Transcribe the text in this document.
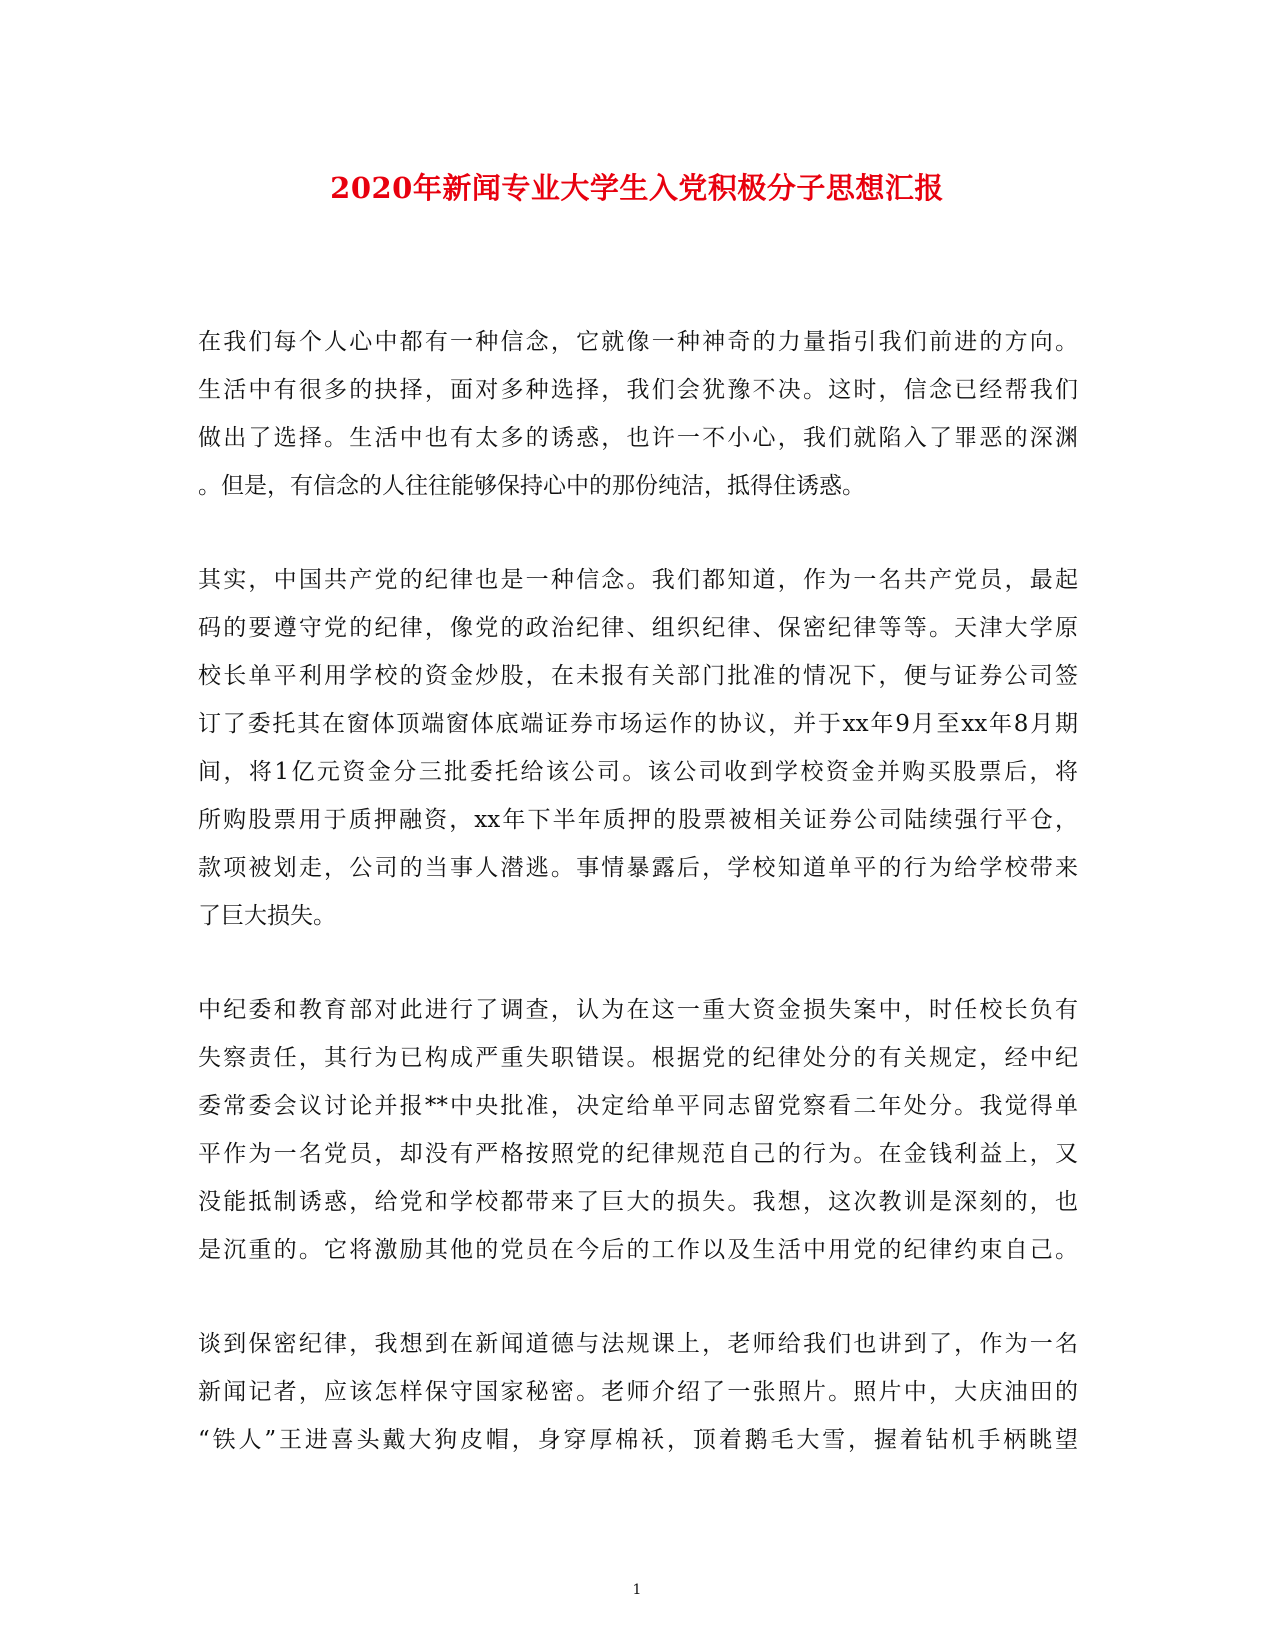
2020年新闻专业大学生入党积极分子思想汇报
在我们每个人心中都有一种信念，它就像一种神奇的力量指引我们前进的方向。
生活中有很多的抉择，面对多种选择，我们会犹豫不决。这时，信念已经帮我们
做出了选择。生活中也有太多的诱惑，也许一不小心，我们就陷入了罪恶的深渊
。但是，有信念的人往往能够保持心中的那份纯洁，抵得住诱惑。
其实，中国共产党的纪律也是一种信念。我们都知道，作为一名共产党员，最起
码的要遵守党的纪律，像党的政治纪律、组织纪律、保密纪律等等。天津大学原
校长单平利用学校的资金炒股，在未报有关部门批准的情况下，便与证券公司签
订了委托其在窗体顶端窗体底端证券市场运作的协议，并于xx年9月至xx年8月期
间，将1亿元资金分三批委托给该公司。该公司收到学校资金并购买股票后，将
所购股票用于质押融资，xx年下半年质押的股票被相关证券公司陆续强行平仓，
款项被划走，公司的当事人潜逃。事情暴露后，学校知道单平的行为给学校带来
了巨大损失。
中纪委和教育部对此进行了调查，认为在这一重大资金损失案中，时任校长负有
失察责任，其行为已构成严重失职错误。根据党的纪律处分的有关规定，经中纪
委常委会议讨论并报**中央批准，决定给单平同志留党察看二年处分。我觉得单
平作为一名党员，却没有严格按照党的纪律规范自己的行为。在金钱利益上，又
没能抵制诱惑，给党和学校都带来了巨大的损失。我想，这次教训是深刻的，也
是沉重的。它将激励其他的党员在今后的工作以及生活中用党的纪律约束自己。
谈到保密纪律，我想到在新闻道德与法规课上，老师给我们也讲到了，作为一名
新闻记者，应该怎样保守国家秘密。老师介绍了一张照片。照片中，大庆油田的
“铁人”王进喜头戴大狗皮帽，身穿厚棉袄，顶着鹅毛大雪，握着钻机手柄眺望
1
